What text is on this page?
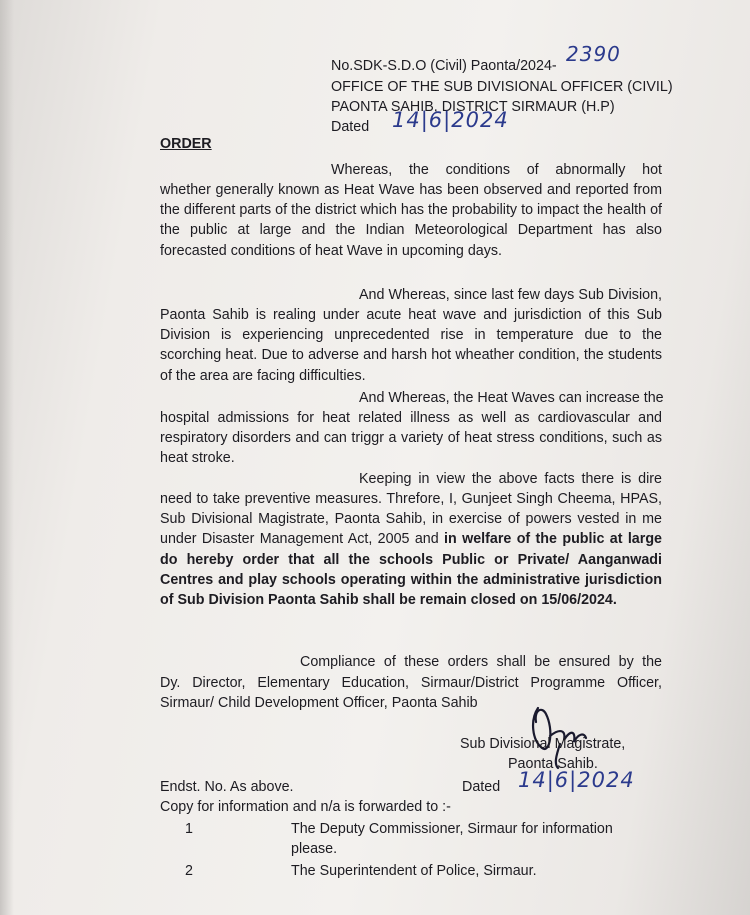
No.SDK-S.D.O (Civil) Paonta/2024- 2390
OFFICE OF THE SUB DIVISIONAL OFFICER (CIVIL)
PAONTA SAHIB, DISTRICT SIRMAUR (H.P)
Dated 14|6|2024
ORDER
Whereas, the conditions of abnormally hot
whether generally known as Heat Wave has been observed and reported from the different parts of the district which has the probability to impact the health of the public at large and the Indian Meteorological Department has also forecasted conditions of heat Wave in upcoming days.
And Whereas, since last few days Sub Division,
Paonta Sahib is realing under acute heat wave and jurisdiction of this Sub Division is experiencing unprecedented rise in temperature due to the scorching heat. Due to adverse and harsh hot wheather condition, the students of the area are facing difficulties.
And Whereas, the Heat Waves can increase the
hospital admissions for heat related illness as well as cardiovascular and respiratory disorders and can triggr a variety of heat stress conditions, such as heat stroke.
Keeping in view the above facts there is dire
need to take preventive measures. Threfore, I, Gunjeet Singh Cheema, HPAS, Sub Divisional Magistrate, Paonta Sahib, in exercise of powers vested in me under Disaster Management Act, 2005 and in welfare of the public at large do hereby order that all the schools Public or Private/ Aanganwadi Centres and play schools operating within the administrative jurisdiction of Sub Division Paonta Sahib shall be remain closed on 15/06/2024.
Compliance of these orders shall be ensured by the
Dy. Director, Elementary Education, Sirmaur/District Programme Officer, Sirmaur/ Child Development Officer, Paonta Sahib
Sub Divisional Magistrate,
Paonta Sahib.
Endst. No. As above.	Dated 14|6|2024
Copy for information and n/a is forwarded to :-
1	The Deputy Commissioner, Sirmaur for information
please.
2	The Superintendent of Police, Sirmaur.
